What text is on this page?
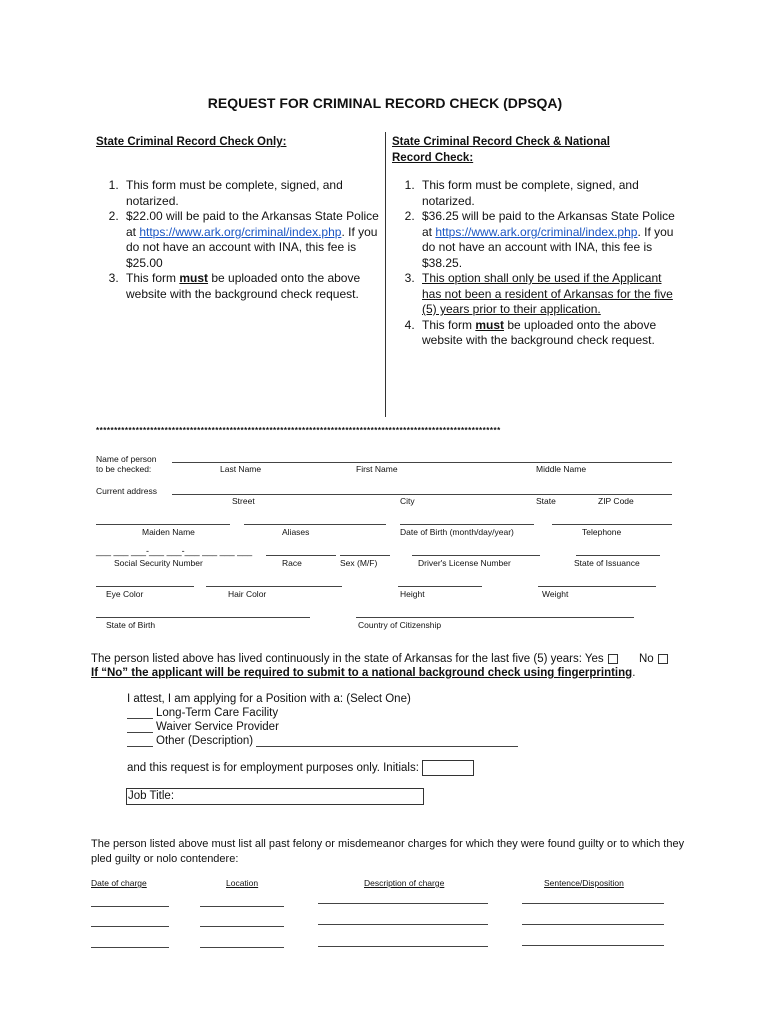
REQUEST FOR CRIMINAL RECORD CHECK (DPSQA)
State Criminal Record Check Only:
1. This form must be complete, signed, and notarized.
2. $22.00 will be paid to the Arkansas State Police at https://www.ark.org/criminal/index.php. If you do not have an account with INA, this fee is $25.00
3. This form must be uploaded onto the above website with the background check request.
State Criminal Record Check & National Record Check:
1. This form must be complete, signed, and notarized.
2. $36.25 will be paid to the Arkansas State Police at https://www.ark.org/criminal/index.php. If you do not have an account with INA, this fee is $38.25.
3. This option shall only be used if the Applicant has not been a resident of Arkansas for the five (5) years prior to their application.
4. This form must be uploaded onto the above website with the background check request.
****************************************************************************************************************
Name of person
to be checked:	Last Name	First Name	Middle Name
Current address
Street	City	State	ZIP Code
Maiden Name	Aliases	Date of Birth (month/day/year)	Telephone
___ ___ ___-___ ___-___ ___ ___ ___
Social Security Number	Race	Sex (M/F)	Driver's License Number	State of Issuance
Eye Color	Hair Color	Height	Weight
State of Birth	Country of Citizenship
The person listed above has lived continuously in the state of Arkansas for the last five (5) years: Yes	No
If “No” the applicant will be required to submit to a national background check using fingerprinting.
I attest, I am applying for a Position with a: (Select One)
Long-Term Care Facility
Waiver Service Provider
Other (Description)
and this request is for employment purposes only. Initials:
Job Title:
The person listed above must list all past felony or misdemeanor charges for which they were found guilty or to which they pled guilty or nolo contendere:
Date of charge	Location	Description of charge	Sentence/Disposition
